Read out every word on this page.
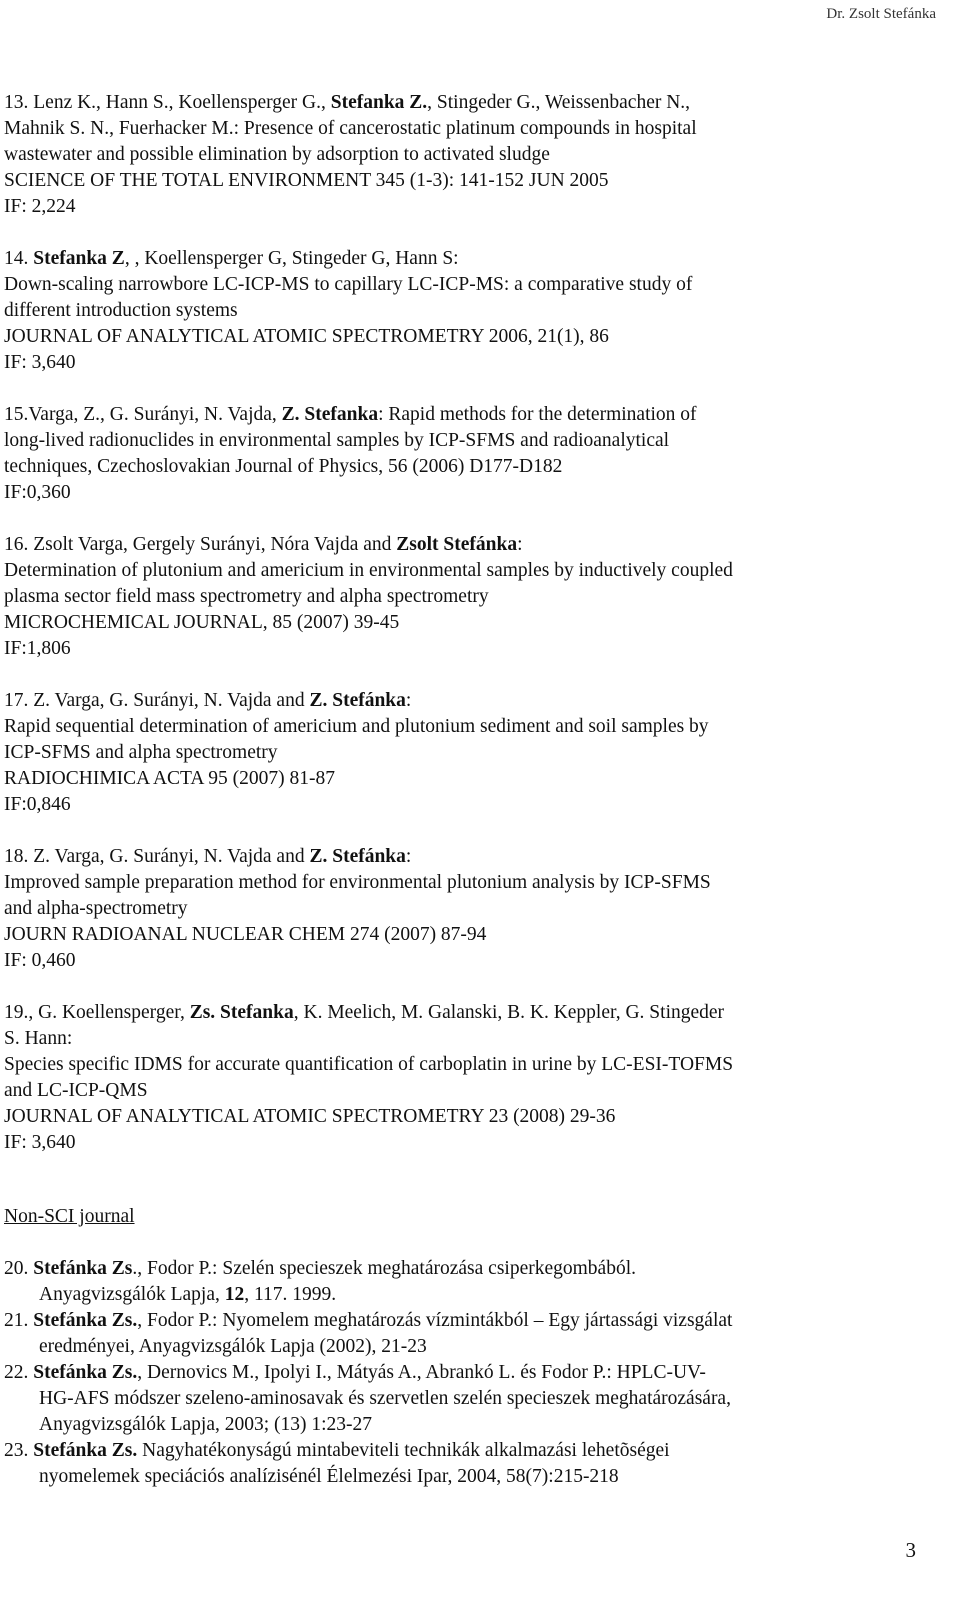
Dr. Zsolt Stefánka
13. Lenz K., Hann S., Koellensperger G., Stefanka Z., Stingeder G., Weissenbacher N.,
Mahnik S. N., Fuerhacker M.: Presence of cancerostatic platinum compounds in hospital
wastewater and possible elimination by adsorption to activated sludge
SCIENCE OF THE TOTAL ENVIRONMENT 345 (1-3): 141-152 JUN 2005
IF: 2,224
14. Stefanka Z, , Koellensperger G, Stingeder G, Hann S:
Down-scaling narrowbore LC-ICP-MS to capillary LC-ICP-MS: a comparative study of
different introduction systems
JOURNAL OF ANALYTICAL ATOMIC SPECTROMETRY 2006, 21(1), 86
IF: 3,640
15.Varga, Z., G. Surányi, N. Vajda, Z. Stefanka: Rapid methods for the determination of
long-lived radionuclides in environmental samples by ICP-SFMS and radioanalytical
techniques, Czechoslovakian Journal of Physics, 56 (2006) D177-D182
IF:0,360
16. Zsolt Varga, Gergely Surányi, Nóra Vajda and Zsolt Stefánka:
Determination of plutonium and americium in environmental samples by inductively coupled
plasma sector field mass spectrometry and alpha spectrometry
MICROCHEMICAL JOURNAL, 85 (2007) 39-45
IF:1,806
17. Z. Varga, G. Surányi, N. Vajda and Z. Stefánka:
Rapid sequential determination of americium and plutonium sediment and soil samples by
ICP-SFMS and alpha spectrometry
RADIOCHIMICA ACTA 95 (2007) 81-87
IF:0,846
18. Z. Varga, G. Surányi, N. Vajda and Z. Stefánka:
Improved sample preparation method for environmental plutonium analysis by ICP-SFMS
and alpha-spectrometry
JOURN RADIOANAL NUCLEAR CHEM 274 (2007) 87-94
IF: 0,460
19., G. Koellensperger, Zs. Stefanka, K. Meelich, M. Galanski, B. K. Keppler, G. Stingeder
S. Hann:
Species specific IDMS for accurate quantification of carboplatin in urine by LC-ESI-TOFMS
and LC-ICP-QMS
JOURNAL OF ANALYTICAL ATOMIC SPECTROMETRY 23 (2008) 29-36
IF: 3,640
Non-SCI journal
20. Stefánka Zs., Fodor P.: Szelén specieszek meghatározása csiperkegombából.
Anyagvizsgálók Lapja, 12, 117. 1999.
21. Stefánka Zs., Fodor P.: Nyomelem meghatározás vízmintákból – Egy jártassági vizsgálat
eredményei, Anyagvizsgálók Lapja (2002), 21-23
22. Stefánka Zs., Dernovics M., Ipolyi I., Mátyás A., Abrankó L. és Fodor P.: HPLC-UV-
HG-AFS módszer szeleno-aminosavak és szervetlen szelén specieszek meghatározására,
Anyagvizsgálók Lapja, 2003; (13) 1:23-27
23. Stefánka Zs. Nagyhatékonyságú mintabeviteli technikák alkalmazási lehetõségei
nyomelemek speciációs analízisénél Élelmezési Ipar, 2004, 58(7):215-218
3
